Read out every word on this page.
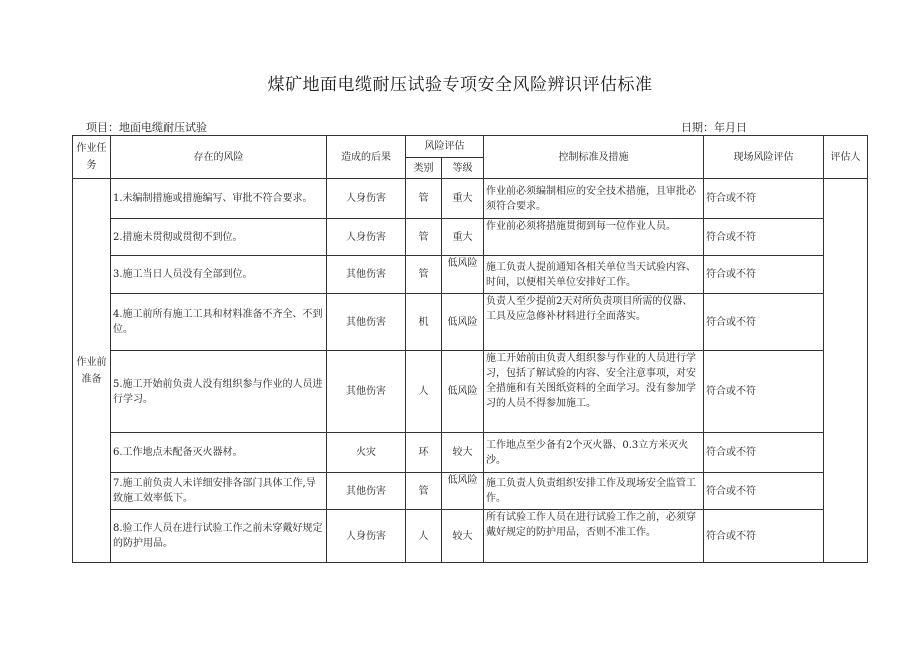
煤矿地面电缆耐压试验专项安全风险辨识评估标准
项目：地面电缆耐压试验	日期：年月日
作业任务	存在的风险	造成的后果	风险评估		控制标准及措施	现场风险评估	评估人
			类别	等级			
作业前准备	1.未编制措施或措施编写、审批不符合要求。	人身伤害	管	重大	作业前必须编制相应的安全技术措施，且审批必须符合要求。	符合或不符	
	2.措施未贯彻或贯彻不到位。	人身伤害	管	重大	作业前必须将措施贯彻到每一位作业人员。	符合或不符	
	3.施工当日人员没有全部到位。	其他伤害	管	低风险	施工负责人提前通知各相关单位当天试验内容、时间，以便相关单位安排好工作。	符合或不符	
	4.施工前所有施工工具和材料准备不齐全、不到位。	其他伤害	机	低风险	负责人至少提前2天对所负责项目所需的仪器、工具及应急修补材料进行全面落实。	符合或不符	
	5.施工开始前负责人没有组织参与作业的人员进行学习。	其他伤害	人	低风险	施工开始前由负责人组织参与作业的人员进行学习，包括了解试验的内容、安全注意事项，对安全措施和有关图纸资料的全面学习。没有参加学习的人员不得参加施工。	符合或不符	
	6.工作地点未配备灭火器材。	火灾	环	较大	工作地点至少备有2个灭火器、0.3立方米灭火沙。	符合或不符	
	7.施工前负责人未详细安排各部门具体工作,导致施工效率低下。	其他伤害	管	低风险	施工负责人负责组织安排工作及现场安全监管工作。	符合或不符	
	8.验工作人员在进行试验工作之前未穿戴好规定的防护用品。	人身伤害	人	较大	所有试验工作人员在进行试验工作之前，必须穿戴好规定的防护用品，否则不准工作。	符合或不符	
